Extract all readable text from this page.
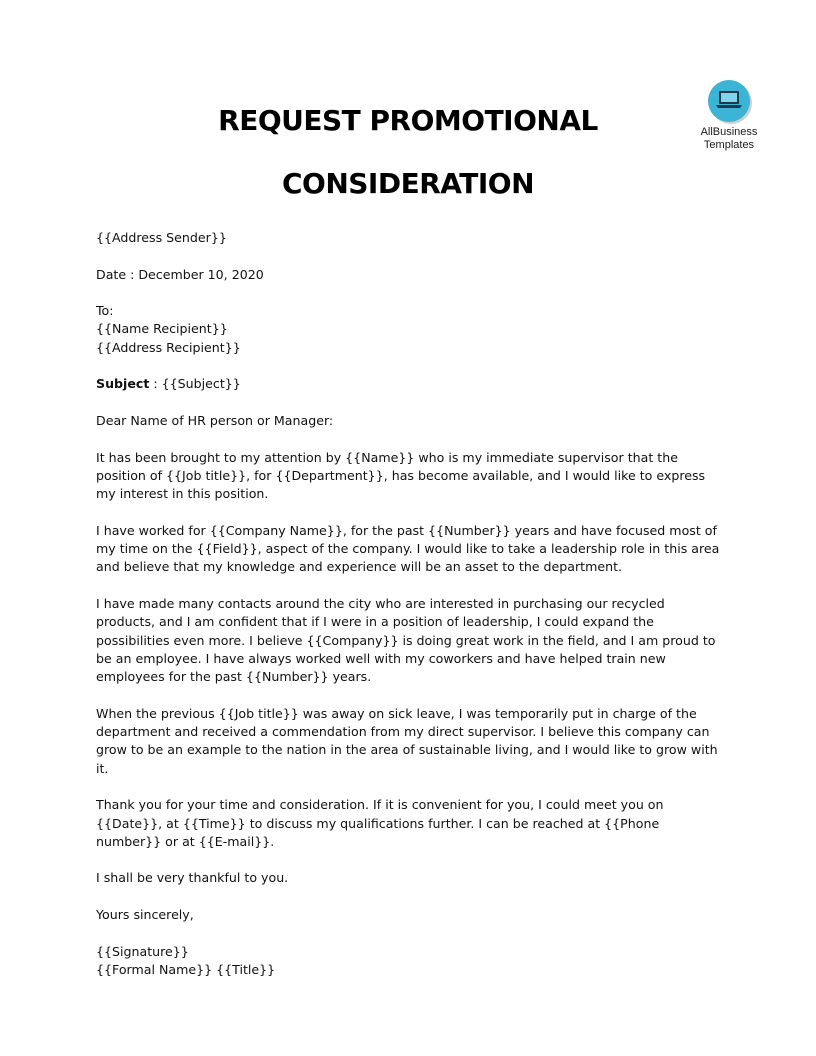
REQUEST PROMOTIONAL
CONSIDERATION
AllBusiness
Templates

{{Address Sender}}

Date : December 10, 2020

To:
{{Name Recipient}}
{{Address Recipient}}

Subject : {{Subject}}

Dear Name of HR person or Manager:

It has been brought to my attention by {{Name}} who is my immediate supervisor that the position of {{Job title}}, for {{Department}}, has become available, and I would like to express my interest in this position.

I have worked for {{Company Name}}, for the past {{Number}} years and have focused most of my time on the {{Field}}, aspect of the company. I would like to take a leadership role in this area and believe that my knowledge and experience will be an asset to the department.

I have made many contacts around the city who are interested in purchasing our recycled products, and I am confident that if I were in a position of leadership, I could expand the possibilities even more. I believe {{Company}} is doing great work in the field, and I am proud to be an employee. I have always worked well with my coworkers and have helped train new employees for the past {{Number}} years.

When the previous {{Job title}} was away on sick leave, I was temporarily put in charge of the department and received a commendation from my direct supervisor. I believe this company can grow to be an example to the nation in the area of sustainable living, and I would like to grow with it.

Thank you for your time and consideration. If it is convenient for you, I could meet you on {{Date}}, at {{Time}} to discuss my qualifications further. I can be reached at {{Phone number}} or at {{E-mail}}.

I shall be very thankful to you.

Yours sincerely,

{{Signature}}
{{Formal Name}} {{Title}}
